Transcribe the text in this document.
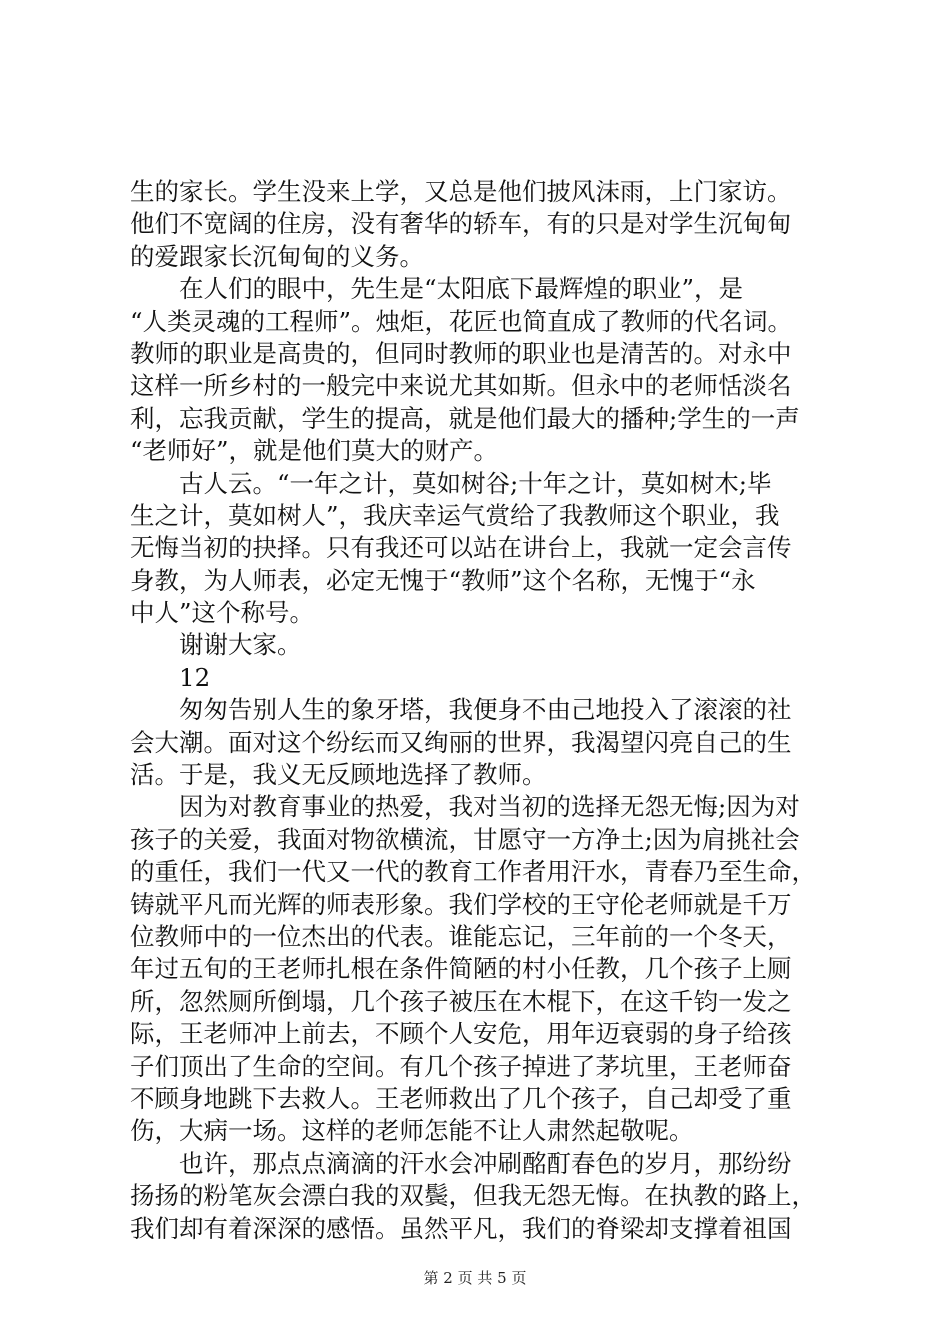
生的家长。学生没来上学，又总是他们披风沫雨，上门家访。
他们不宽阔的住房，没有奢华的轿车，有的只是对学生沉甸甸
的爱跟家长沉甸甸的义务。
在人们的眼中，先生是“太阳底下最辉煌的职业”，是
“人类灵魂的工程师”。烛炬，花匠也简直成了教师的代名词。
教师的职业是高贵的，但同时教师的职业也是清苦的。对永中
这样一所乡村的一般完中来说尤其如斯。但永中的老师恬淡名
利，忘我贡献，学生的提高，就是他们最大的播种;学生的一声
“老师好”，就是他们莫大的财产。
古人云。“一年之计，莫如树谷;十年之计，莫如树木;毕
生之计，莫如树人”，我庆幸运气赏给了我教师这个职业，我
无悔当初的抉择。只有我还可以站在讲台上，我就一定会言传
身教，为人师表，必定无愧于“教师”这个名称，无愧于“永
中人”这个称号。
谢谢大家。
12
匆匆告别人生的象牙塔，我便身不由己地投入了滚滚的社
会大潮。面对这个纷纭而又绚丽的世界，我渴望闪亮自己的生
活。于是，我义无反顾地选择了教师。
因为对教育事业的热爱，我对当初的选择无怨无悔;因为对
孩子的关爱，我面对物欲横流，甘愿守一方净土;因为肩挑社会
的重任，我们一代又一代的教育工作者用汗水，青春乃至生命，
铸就平凡而光辉的师表形象。我们学校的王守伦老师就是千万
位教师中的一位杰出的代表。谁能忘记，三年前的一个冬天，
年过五旬的王老师扎根在条件简陋的村小任教，几个孩子上厕
所，忽然厕所倒塌，几个孩子被压在木棍下，在这千钧一发之
际，王老师冲上前去，不顾个人安危，用年迈衰弱的身子给孩
子们顶出了生命的空间。有几个孩子掉进了茅坑里，王老师奋
不顾身地跳下去救人。王老师救出了几个孩子，自己却受了重
伤，大病一场。这样的老师怎能不让人肃然起敬呢。
也许，那点点滴滴的汗水会冲刷酩酊春色的岁月，那纷纷
扬扬的粉笔灰会漂白我的双鬓，但我无怨无悔。在执教的路上，
我们却有着深深的感悟。虽然平凡，我们的脊梁却支撑着祖国
第 2 页 共 5 页
